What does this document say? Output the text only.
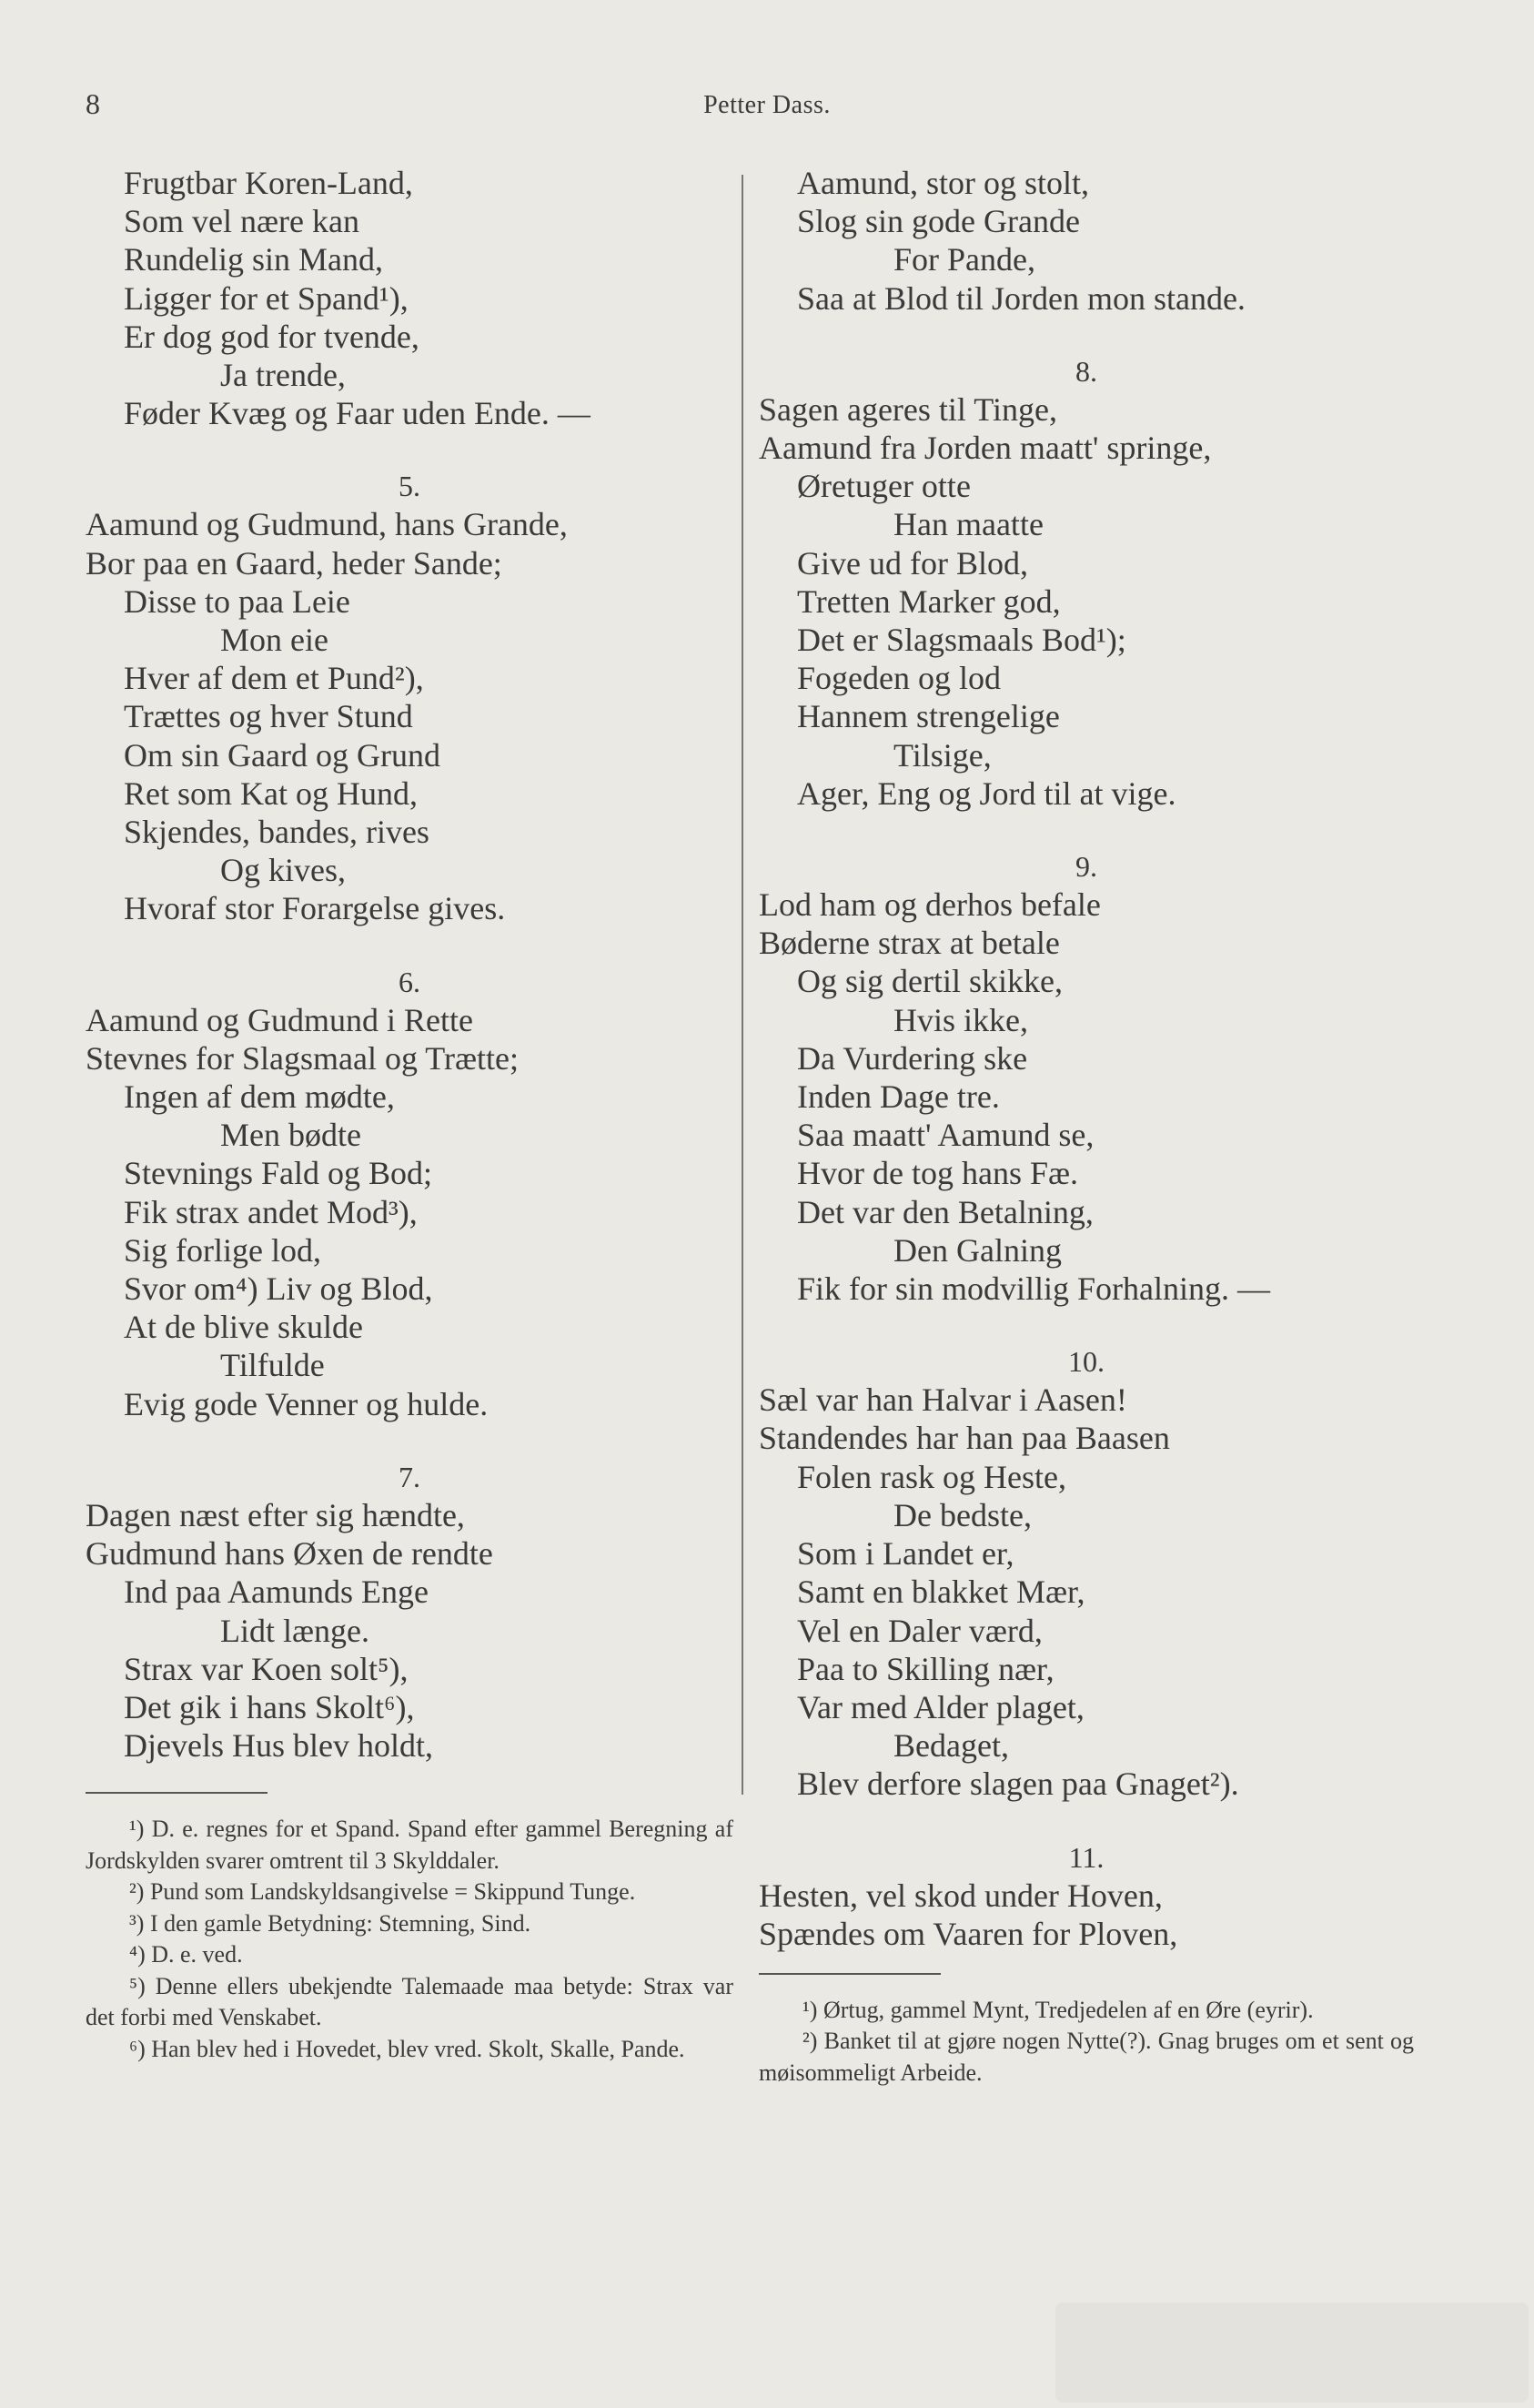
8	Petter Dass.
Frugtbar Koren-Land,
Som vel nære kan
Rundelig sin Mand,
Ligger for et Spand¹),
Er dog god for tvende,
Ja trende,
Føder Kvæg og Faar uden Ende. —
5.
Aamund og Gudmund, hans Grande,
Bor paa en Gaard, heder Sande;
Disse to paa Leie
Mon eie
Hver af dem et Pund²),
Trættes og hver Stund
Om sin Gaard og Grund
Ret som Kat og Hund,
Skjendes, bandes, rives
Og kives,
Hvoraf stor Forargelse gives.
6.
Aamund og Gudmund i Rette
Stevnes for Slagsmaal og Trætte;
Ingen af dem mødte,
Men bødte
Stevnings Fald og Bod;
Fik strax andet Mod³),
Sig forlige lod,
Svor om⁴) Liv og Blod,
At de blive skulde
Tilfulde
Evig gode Venner og hulde.
7.
Dagen næst efter sig hændte,
Gudmund hans Øxen de rendte
Ind paa Aamunds Enge
Lidt længe.
Strax var Koen solt⁵),
Det gik i hans Skolt⁶),
Djevels Hus blev holdt,
¹) D. e. regnes for et Spand. Spand efter gammel Beregning af Jordskylden svarer omtrent til 3 Skylddaler.
²) Pund som Landskyldsangivelse = Skippund Tunge.
³) I den gamle Betydning: Stemning, Sind.
⁴) D. e. ved.
⁵) Denne ellers ubekjendte Talemaade maa betyde: Strax var det forbi med Venskabet.
⁶) Han blev hed i Hovedet, blev vred. Skolt, Skalle, Pande.
Aamund, stor og stolt,
Slog sin gode Grande
For Pande,
Saa at Blod til Jorden mon stande.
8.
Sagen ageres til Tinge,
Aamund fra Jorden maatt' springe,
Øretuger otte
Han maatte
Give ud for Blod,
Tretten Marker god,
Det er Slagsmaals Bod¹);
Fogeden og lod
Hannem strengelige
Tilsige,
Ager, Eng og Jord til at vige.
9.
Lod ham og derhos befale
Bøderne strax at betale
Og sig dertil skikke,
Hvis ikke,
Da Vurdering ske
Inden Dage tre.
Saa maatt' Aamund se,
Hvor de tog hans Fæ.
Det var den Betalning,
Den Galning
Fik for sin modvillig Forhalning. —
10.
Sæl var han Halvar i Aasen!
Standendes har han paa Baasen
Folen rask og Heste,
De bedste,
Som i Landet er,
Samt en blakket Mær,
Vel en Daler værd,
Paa to Skilling nær,
Var med Alder plaget,
Bedaget,
Blev derfore slagen paa Gnaget²).
11.
Hesten, vel skod under Hoven,
Spændes om Vaaren for Ploven,
¹) Ørtug, gammel Mynt, Tredjedelen af en Øre (eyrir).
²) Banket til at gjøre nogen Nytte(?). Gnag bruges om et sent og møisommeligt Arbeide.
